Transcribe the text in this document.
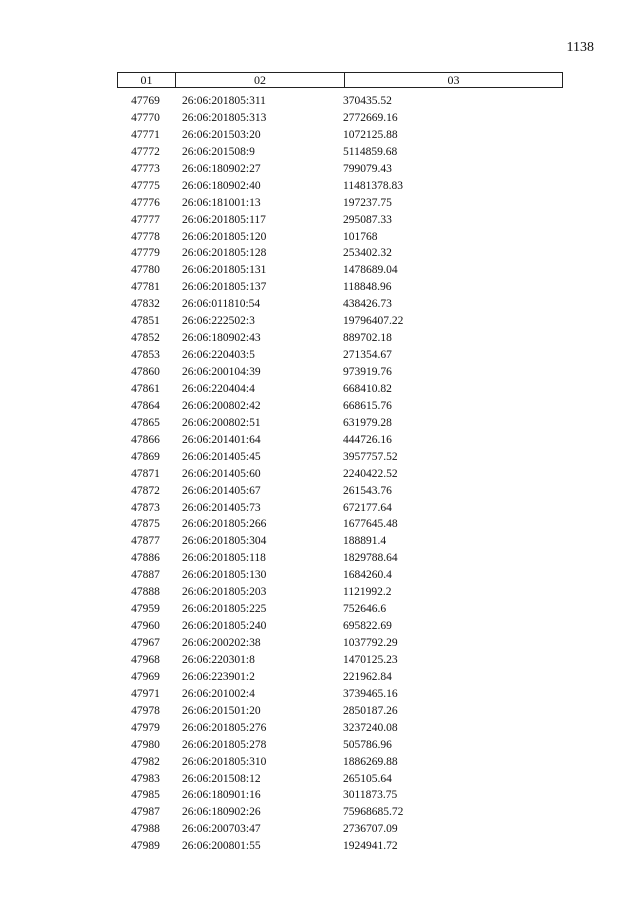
1138
01	02	03
47769	26:06:201805:311	370435.52
47770	26:06:201805:313	2772669.16
47771	26:06:201503:20	1072125.88
47772	26:06:201508:9	5114859.68
47773	26:06:180902:27	799079.43
47775	26:06:180902:40	11481378.83
47776	26:06:181001:13	197237.75
47777	26:06:201805:117	295087.33
47778	26:06:201805:120	101768
47779	26:06:201805:128	253402.32
47780	26:06:201805:131	1478689.04
47781	26:06:201805:137	118848.96
47832	26:06:011810:54	438426.73
47851	26:06:222502:3	19796407.22
47852	26:06:180902:43	889702.18
47853	26:06:220403:5	271354.67
47860	26:06:200104:39	973919.76
47861	26:06:220404:4	668410.82
47864	26:06:200802:42	668615.76
47865	26:06:200802:51	631979.28
47866	26:06:201401:64	444726.16
47869	26:06:201405:45	3957757.52
47871	26:06:201405:60	2240422.52
47872	26:06:201405:67	261543.76
47873	26:06:201405:73	672177.64
47875	26:06:201805:266	1677645.48
47877	26:06:201805:304	188891.4
47886	26:06:201805:118	1829788.64
47887	26:06:201805:130	1684260.4
47888	26:06:201805:203	1121992.2
47959	26:06:201805:225	752646.6
47960	26:06:201805:240	695822.69
47967	26:06:200202:38	1037792.29
47968	26:06:220301:8	1470125.23
47969	26:06:223901:2	221962.84
47971	26:06:201002:4	3739465.16
47978	26:06:201501:20	2850187.26
47979	26:06:201805:276	3237240.08
47980	26:06:201805:278	505786.96
47982	26:06:201805:310	1886269.88
47983	26:06:201508:12	265105.64
47985	26:06:180901:16	3011873.75
47987	26:06:180902:26	75968685.72
47988	26:06:200703:47	2736707.09
47989	26:06:200801:55	1924941.72
